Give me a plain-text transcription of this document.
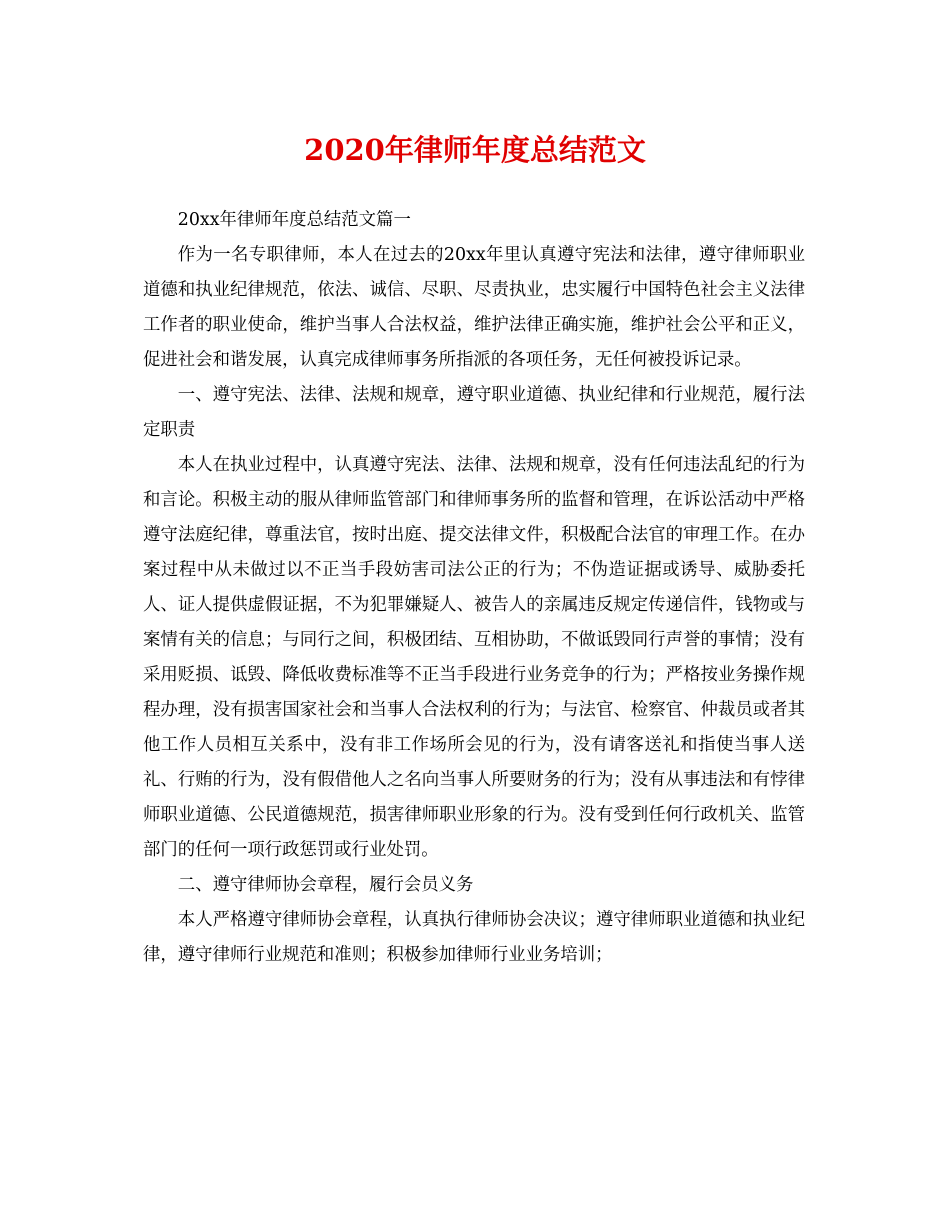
2020年律师年度总结范文

20xx年律师年度总结范文篇一

作为一名专职律师，本人在过去的20xx年里认真遵守宪法和法律，遵守律师职业道德和执业纪律规范，依法、诚信、尽职、尽责执业，忠实履行中国特色社会主义法律工作者的职业使命，维护当事人合法权益，维护法律正确实施，维护社会公平和正义，促进社会和谐发展，认真完成律师事务所指派的各项任务，无任何被投诉记录。

一、遵守宪法、法律、法规和规章，遵守职业道德、执业纪律和行业规范，履行法定职责

本人在执业过程中，认真遵守宪法、法律、法规和规章，没有任何违法乱纪的行为和言论。积极主动的服从律师监管部门和律师事务所的监督和管理，在诉讼活动中严格遵守法庭纪律，尊重法官，按时出庭、提交法律文件，积极配合法官的审理工作。在办案过程中从未做过以不正当手段妨害司法公正的行为；不伪造证据或诱导、威胁委托人、证人提供虚假证据，不为犯罪嫌疑人、被告人的亲属违反规定传递信件，钱物或与案情有关的信息；与同行之间，积极团结、互相协助，不做诋毁同行声誉的事情；没有采用贬损、诋毁、降低收费标准等不正当手段进行业务竞争的行为；严格按业务操作规程办理，没有损害国家社会和当事人合法权利的行为；与法官、检察官、仲裁员或者其他工作人员相互关系中，没有非工作场所会见的行为，没有请客送礼和指使当事人送礼、行贿的行为，没有假借他人之名向当事人所要财务的行为；没有从事违法和有悖律师职业道德、公民道德规范，损害律师职业形象的行为。没有受到任何行政机关、监管部门的任何一项行政惩罚或行业处罚。

二、遵守律师协会章程，履行会员义务

本人严格遵守律师协会章程，认真执行律师协会决议；遵守律师职业道德和执业纪律，遵守律师行业规范和准则；积极参加律师行业业务培训；
